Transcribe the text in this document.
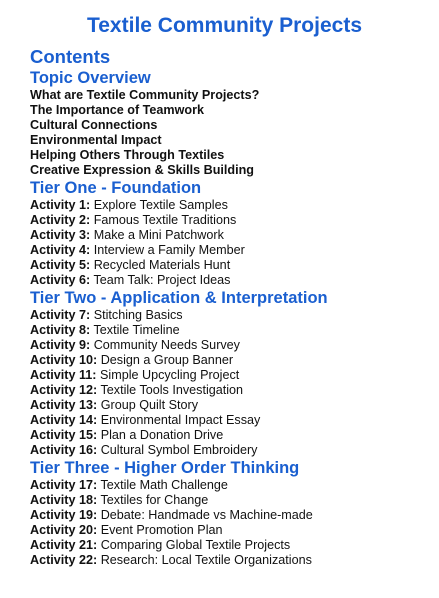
Textile Community Projects
Contents
Topic Overview
What are Textile Community Projects?
The Importance of Teamwork
Cultural Connections
Environmental Impact
Helping Others Through Textiles
Creative Expression & Skills Building
Tier One - Foundation
Activity 1: Explore Textile Samples
Activity 2: Famous Textile Traditions
Activity 3: Make a Mini Patchwork
Activity 4: Interview a Family Member
Activity 5: Recycled Materials Hunt
Activity 6: Team Talk: Project Ideas
Tier Two - Application & Interpretation
Activity 7: Stitching Basics
Activity 8: Textile Timeline
Activity 9: Community Needs Survey
Activity 10: Design a Group Banner
Activity 11: Simple Upcycling Project
Activity 12: Textile Tools Investigation
Activity 13: Group Quilt Story
Activity 14: Environmental Impact Essay
Activity 15: Plan a Donation Drive
Activity 16: Cultural Symbol Embroidery
Tier Three - Higher Order Thinking
Activity 17: Textile Math Challenge
Activity 18: Textiles for Change
Activity 19: Debate: Handmade vs Machine-made
Activity 20: Event Promotion Plan
Activity 21: Comparing Global Textile Projects
Activity 22: Research: Local Textile Organizations
